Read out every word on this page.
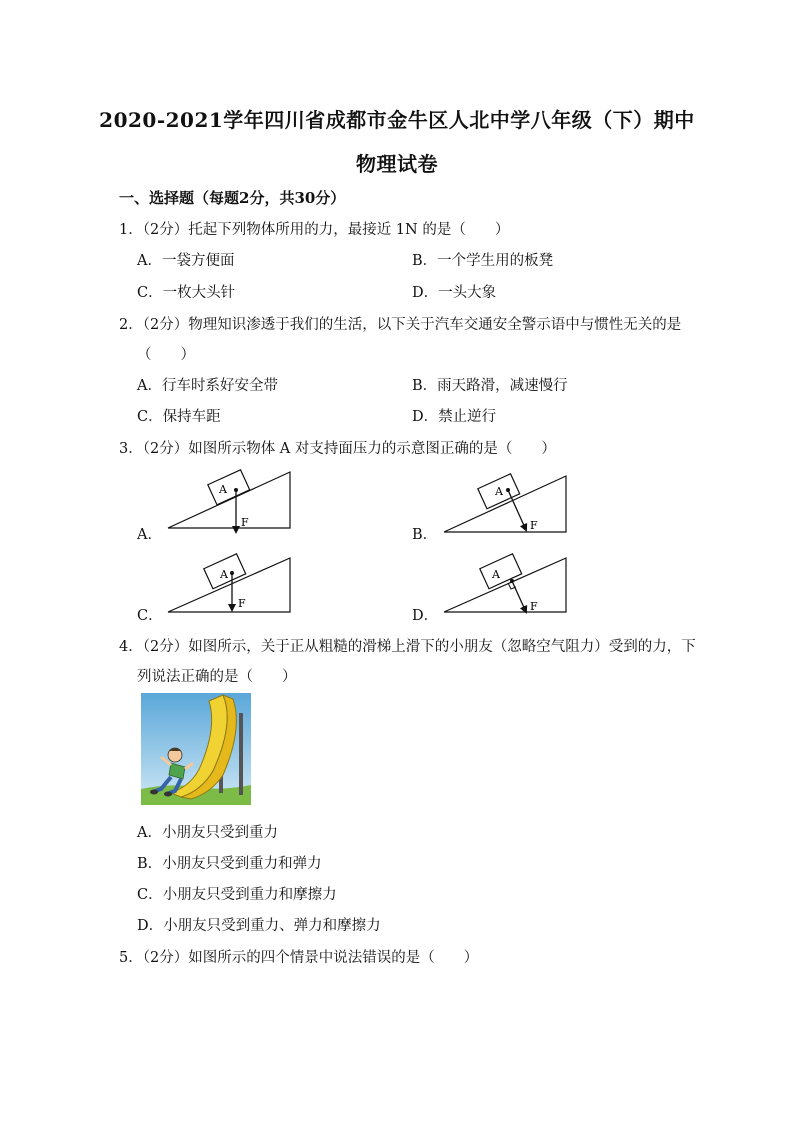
2020-2021学年四川省成都市金牛区人北中学八年级（下）期中
物理试卷
一、选择题（每题2分，共30分）
1．（2分）托起下列物体所用的力，最接近 1N 的是（　　）
A．一袋方便面	B．一个学生用的板凳
C．一枚大头针	D．一头大象
2．（2分）物理知识渗透于我们的生活，以下关于汽车交通安全警示语中与惯性无关的是
（　　）
A．行车时系好安全带	B．雨天路滑，减速慢行
C．保持车距	D．禁止逆行
3．（2分）如图所示物体 A 对支持面压力的示意图正确的是（　　）
A．	B．
C．	D．
A
F
A
F
A
F
A
F
4．（2分）如图所示，关于正从粗糙的滑梯上滑下的小朋友（忽略空气阻力）受到的力，下
列说法正确的是（　　）
A．小朋友只受到重力
B．小朋友只受到重力和弹力
C．小朋友只受到重力和摩擦力
D．小朋友只受到重力、弹力和摩擦力
5．（2分）如图所示的四个情景中说法错误的是（　　）
